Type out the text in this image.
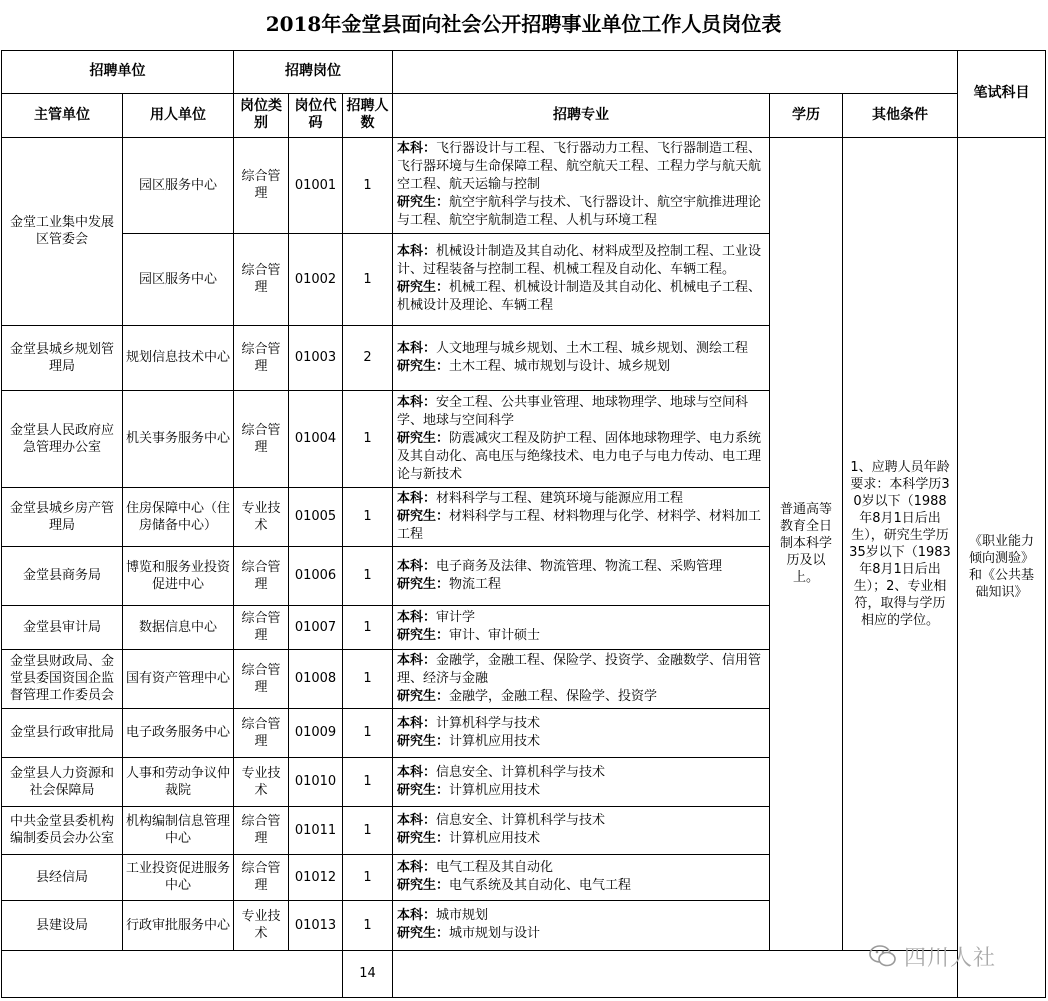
2018年金堂县面向社会公开招聘事业单位工作人员岗位表								
招聘单位		招聘岗位						笔试科目
主管单位	用人单位	岗位类别	岗位代码	招聘人数	招聘专业	学历	其他条件	
金堂工业集中发展区管委会	园区服务中心	综合管理	01001	1	本科：飞行器设计与工程、飞行器动力工程、飞行器制造工程、飞行器环境与生命保障工程、航空航天工程、工程力学与航天航空工程、航天运输与控制
研究生：航空宇航科学与技术、飞行器设计、航空宇航推进理论与工程、航空宇航制造工程、人机与环境工程	普通高等教育全日制本科学历及以上。	1、应聘人员年龄要求：本科学历30岁以下（1988年8月1日后出生），研究生学历35岁以下（1983年8月1日后出生）；2、专业相符，取得与学历相应的学位。	《职业能力倾向测验》和《公共基础知识》
	园区服务中心	综合管理	01002	1	本科：机械设计制造及其自动化、材料成型及控制工程、工业设计、过程装备与控制工程、机械工程及自动化、车辆工程。
研究生：机械工程、机械设计制造及其自动化、机械电子工程、机械设计及理论、车辆工程			
金堂县城乡规划管理局	规划信息技术中心	综合管理	01003	2	本科：人文地理与城乡规划、土木工程、城乡规划、测绘工程
研究生：土木工程、城市规划与设计、城乡规划			
金堂县人民政府应急管理办公室	机关事务服务中心	综合管理	01004	1	本科：安全工程、公共事业管理、地球物理学、地球与空间科学、地球与空间科学
研究生：防震减灾工程及防护工程、固体地球物理学、电力系统及其自动化、高电压与绝缘技术、电力电子与电力传动、电工理论与新技术			
金堂县城乡房产管理局	住房保障中心（住房储备中心）	专业技术	01005	1	本科：材料科学与工程、建筑环境与能源应用工程
研究生：材料科学与工程、材料物理与化学、材料学、材料加工工程			
金堂县商务局	博览和服务业投资促进中心	综合管理	01006	1	本科：电子商务及法律、物流管理、物流工程、采购管理
研究生：物流工程			
金堂县审计局	数据信息中心	综合管理	01007	1	本科：审计学
研究生：审计、审计硕士			
金堂县财政局、金堂县委国资国企监督管理工作委员会	国有资产管理中心	综合管理	01008	1	本科：金融学，金融工程、保险学、投资学、金融数学、信用管理、经济与金融
研究生：金融学，金融工程、保险学、投资学			
金堂县行政审批局	电子政务服务中心	综合管理	01009	1	本科：计算机科学与技术
研究生：计算机应用技术			
金堂县人力资源和社会保障局	人事和劳动争议仲裁院	专业技术	01010	1	本科：信息安全、计算机科学与技术
研究生：计算机应用技术			
中共金堂县委机构编制委员会办公室	机构编制信息管理中心	综合管理	01011	1	本科：信息安全、计算机科学与技术
研究生：计算机应用技术			
县经信局	工业投资促进服务中心	综合管理	01012	1	本科：电气工程及其自动化
研究生：电气系统及其自动化、电气工程			
县建设局	行政审批服务中心	专业技术	01013	1	本科：城市规划
研究生：城市规划与设计			
				14				
四川人社
